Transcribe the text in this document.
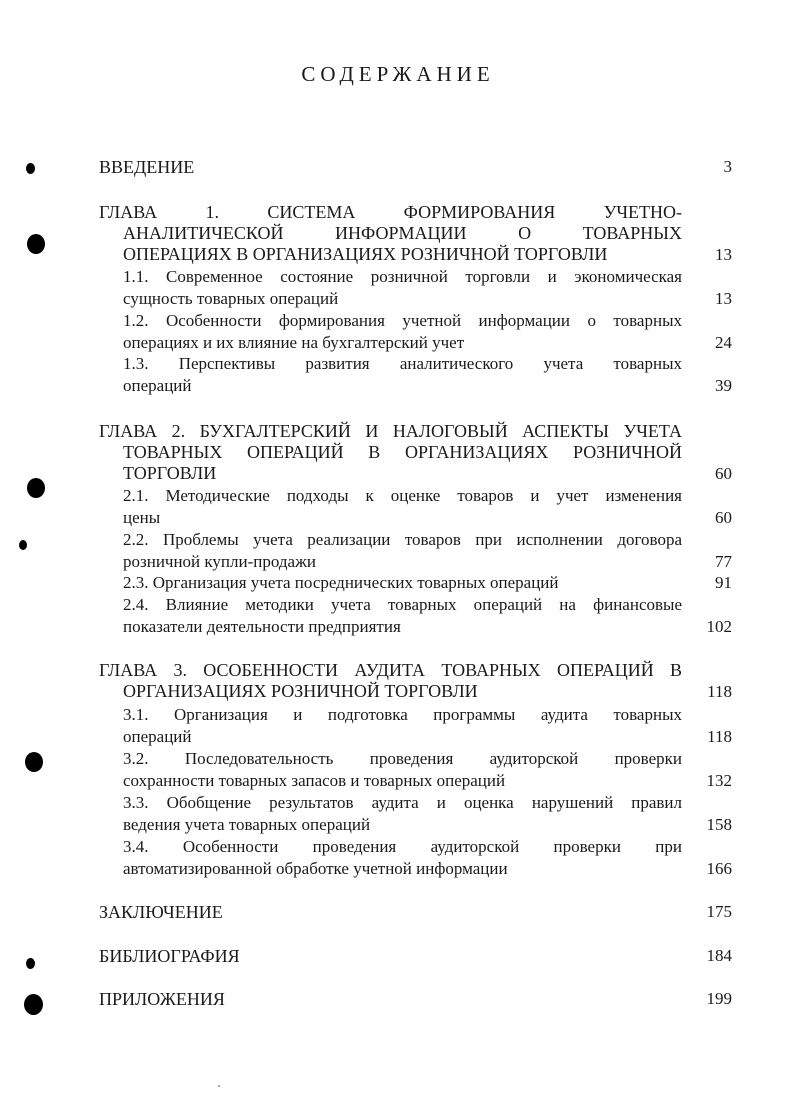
СОДЕРЖАНИЕ
ВВЕДЕНИЕ	3
ГЛАВА 1. СИСТЕМА ФОРМИРОВАНИЯ УЧЕТНО-
АНАЛИТИЧЕСКОЙ ИНФОРМАЦИИ О ТОВАРНЫХ
ОПЕРАЦИЯХ В ОРГАНИЗАЦИЯХ РОЗНИЧНОЙ ТОРГОВЛИ	13
1.1. Современное состояние розничной торговли и экономическая
сущность товарных операций	13
1.2. Особенности формирования учетной информации о товарных
операциях и их влияние на бухгалтерский учет	24
1.3. Перспективы развития аналитического учета товарных
операций	39
ГЛАВА 2. БУХГАЛТЕРСКИЙ И НАЛОГОВЫЙ АСПЕКТЫ УЧЕТА
ТОВАРНЫХ ОПЕРАЦИЙ В ОРГАНИЗАЦИЯХ РОЗНИЧНОЙ
ТОРГОВЛИ	60
2.1. Методические подходы к оценке товаров и учет изменения
цены	60
2.2. Проблемы учета реализации товаров при исполнении договора
розничной купли-продажи	77
2.3. Организация учета посреднических товарных операций	91
2.4. Влияние методики учета товарных операций на финансовые
показатели деятельности предприятия	102
ГЛАВА 3. ОСОБЕННОСТИ АУДИТА ТОВАРНЫХ ОПЕРАЦИЙ В
ОРГАНИЗАЦИЯХ РОЗНИЧНОЙ ТОРГОВЛИ	118
3.1. Организация и подготовка программы аудита товарных
операций	118
3.2. Последовательность проведения аудиторской проверки
сохранности товарных запасов и товарных операций	132
3.3. Обобщение результатов аудита и оценка нарушений правил
ведения учета товарных операций	158
3.4. Особенности проведения аудиторской проверки при
автоматизированной обработке учетной информации	166
ЗАКЛЮЧЕНИЕ	175
БИБЛИОГРАФИЯ	184
ПРИЛОЖЕНИЯ	199
